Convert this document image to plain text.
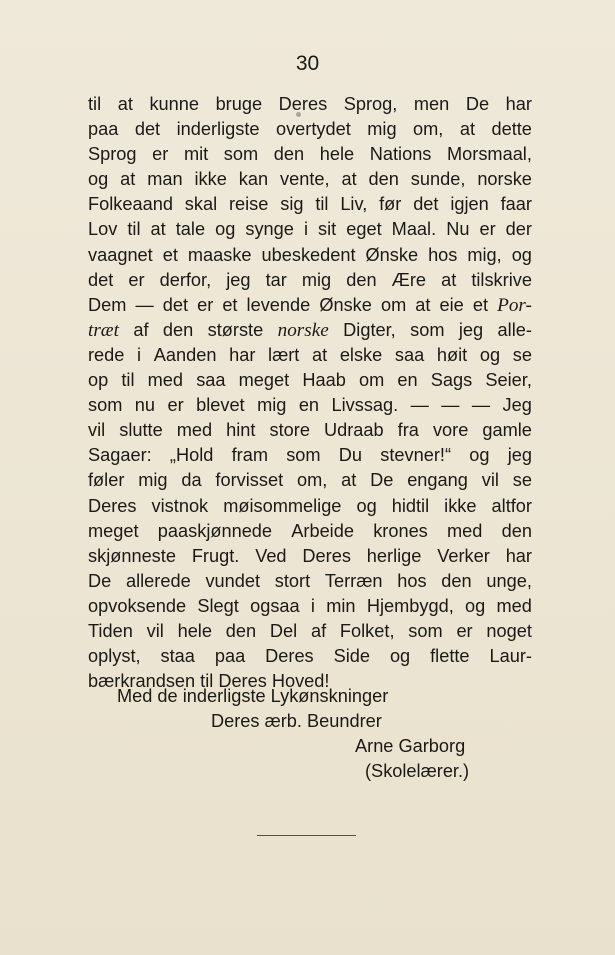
30
til at kunne bruge Deres Sprog, men De har
paa det inderligste overtydet mig om, at dette
Sprog er mit som den hele Nations Morsmaal,
og at man ikke kan vente, at den sunde, norske
Folkeaand skal reise sig til Liv, før det igjen faar
Lov til at tale og synge i sit eget Maal. Nu er der
vaagnet et maaske ubeskedent Ønske hos mig, og
det er derfor, jeg tar mig den Ære at tilskrive
Dem — det er et levende Ønske om at eie et Por-
træt af den største norske Digter, som jeg alle-
rede i Aanden har lært at elske saa høit og se
op til med saa meget Haab om en Sags Seier,
som nu er blevet mig en Livssag. — — — Jeg
vil slutte med hint store Udraab fra vore gamle
Sagaer: „Hold fram som Du stevner!“ og jeg
føler mig da forvisset om, at De engang vil se
Deres vistnok møisommelige og hidtil ikke altfor
meget paaskjønnede Arbeide krones med den
skjønneste Frugt. Ved Deres herlige Verker har
De allerede vundet stort Terræn hos den unge,
opvoksende Slegt ogsaa i min Hjembygd, og med
Tiden vil hele den Del af Folket, som er noget
oplyst, staa paa Deres Side og flette Laur-
bærkrandsen til Deres Hoved!
Med de inderligste Lykønskninger
Deres ærb. Beundrer
Arne Garborg
(Skolelærer.)
